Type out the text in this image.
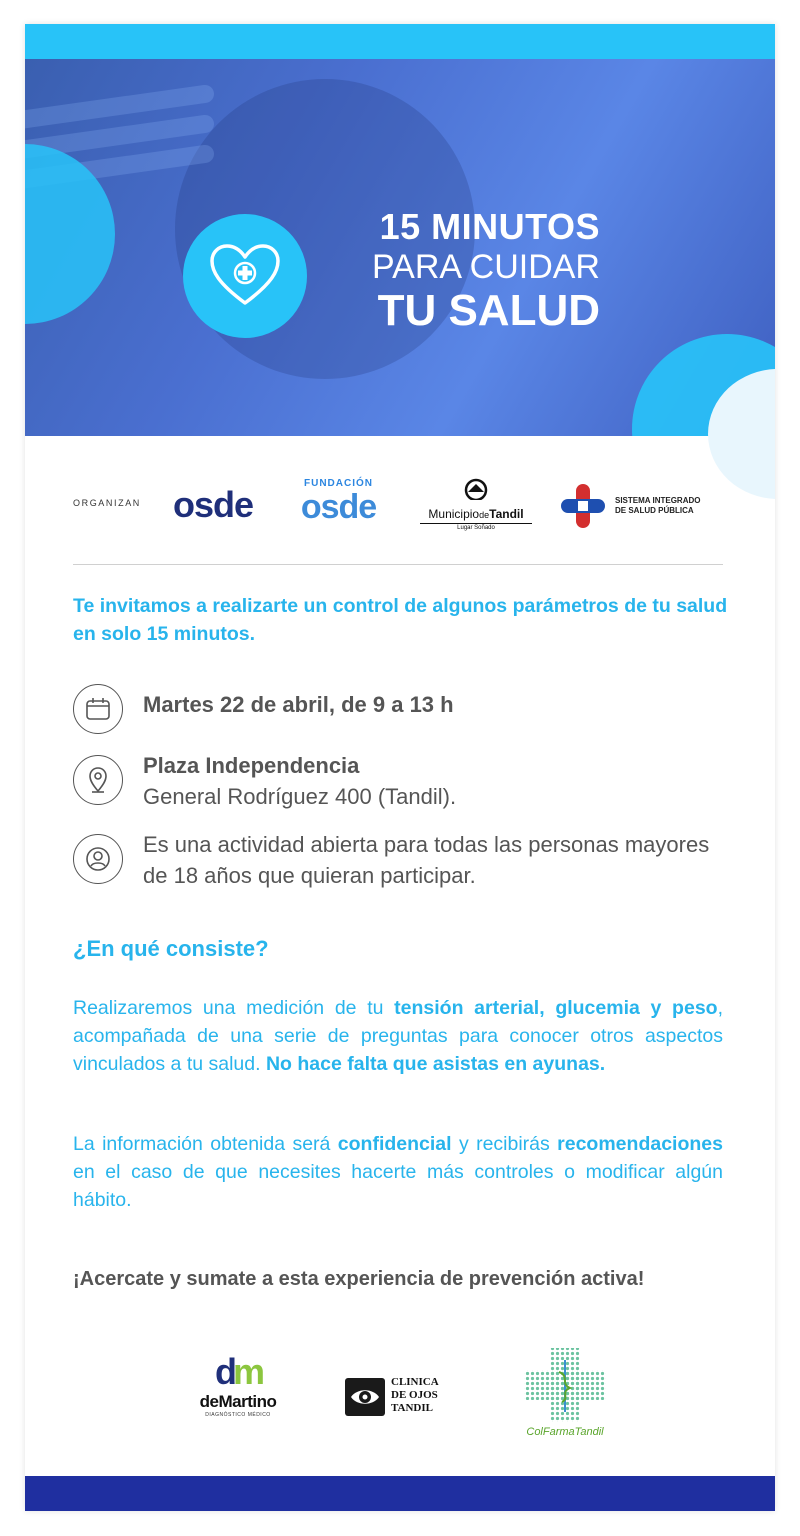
15 MINUTOS
PARA CUIDAR
TU SALUD
ORGANIZAN osde
FUNDACIÓN
osde	MunicipiodeTandil
Lugar Soñado
SISTEMA INTEGRADO
DE SALUD PÚBLICA
Te invitamos a realizarte un control de algunos parámetros de tu salud en solo 15 minutos.
Martes 22 de abril, de 9 a 13 h
Plaza Independencia
General Rodríguez 400 (Tandil).
Es una actividad abierta para todas las personas mayores de 18 años que quieran participar.
¿En qué consiste?
Realizaremos una medición de tu tensión arterial, glucemia y peso, acompañada de una serie de preguntas para conocer otros aspectos vinculados a tu salud. No hace falta que asistas en ayunas.
La información obtenida será confidencial y recibirás recomendaciones en el caso de que necesites hacerte más controles o modificar algún hábito.
¡Acercate y sumate a esta experiencia de prevención activa!
dm
deMartino
DIAGNÓSTICO MÉDICO
CLINICA
DE OJOS
TANDIL
ColFarmaTandil
